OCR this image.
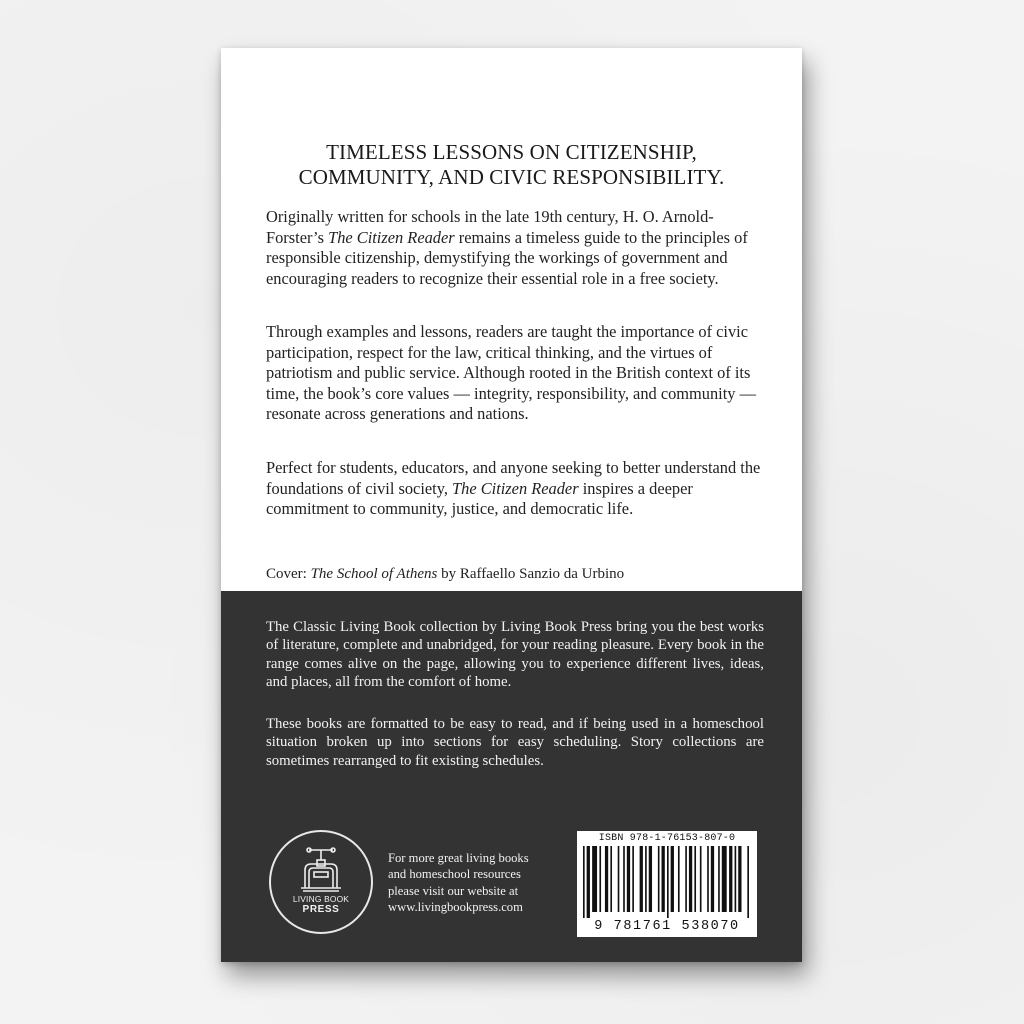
TIMELESS LESSONS ON CITIZENSHIP,
COMMUNITY, AND CIVIC RESPONSIBILITY.

Originally written for schools in the late 19th century, H. O. Arnold-Forster’s The Citizen Reader remains a timeless guide to the principles of responsible citizenship, demystifying the workings of government and encouraging readers to recognize their essential role in a free society.

Through examples and lessons, readers are taught the importance of civic participation, respect for the law, critical thinking, and the virtues of patriotism and public service. Although rooted in the British context of its time, the book’s core values — integrity, responsibility, and community — resonate across generations and nations.

Perfect for students, educators, and anyone seeking to better understand the foundations of civil society, The Citizen Reader inspires a deeper commitment to community, justice, and democratic life.

Cover: The School of Athens by Raffaello Sanzio da Urbino

The Classic Living Book collection by Living Book Press bring you the best works of literature, complete and unabridged, for your reading pleasure. Every book in the range comes alive on the page, allowing you to experience different lives, ideas, and places, all from the comfort of home.

These books are formatted to be easy to read, and if being used in a homeschool situation broken up into sections for easy scheduling. Story collections are sometimes rearranged to fit existing schedules.

LIVING BOOK
PRESS
For more great living books
and homeschool resources
please visit our website at
www.livingbookpress.com
ISBN 978-1-76153-807-0
9 781761 538070
